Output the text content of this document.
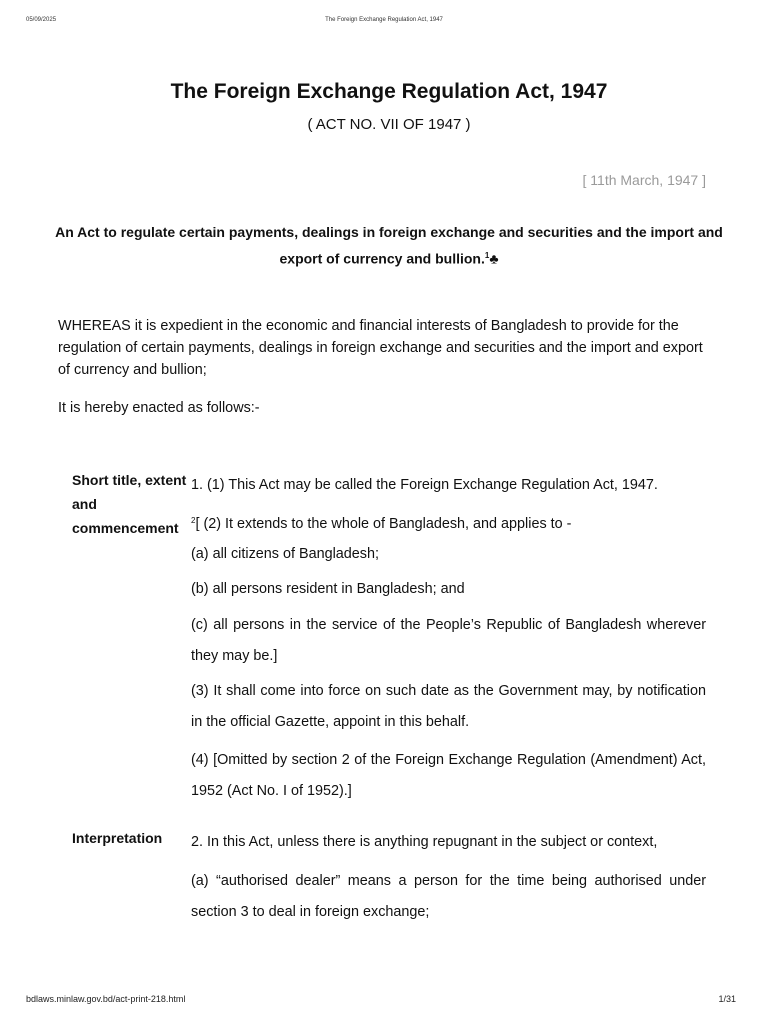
05/09/2025	The Foreign Exchange Regulation Act, 1947
The Foreign Exchange Regulation Act, 1947
( ACT NO. VII OF 1947 )
[ 11th March, 1947 ]
An Act to regulate certain payments, dealings in foreign exchange and securities and the import and export of currency and bullion.$^1$♣
WHEREAS it is expedient in the economic and financial interests of Bangladesh to provide for the regulation of certain payments, dealings in foreign exchange and securities and the import and export of currency and bullion;
It is hereby enacted as follows:-
Short title, extent and commencement
1. (1) This Act may be called the Foreign Exchange Regulation Act, 1947.
$^2$[ (2) It extends to the whole of Bangladesh, and applies to -
(a) all citizens of Bangladesh;
(b) all persons resident in Bangladesh; and
(c) all persons in the service of the People’s Republic of Bangladesh wherever they may be.]
(3) It shall come into force on such date as the Government may, by notification in the official Gazette, appoint in this behalf.
(4) [Omitted by section 2 of the Foreign Exchange Regulation (Amendment) Act, 1952 (Act No. I of 1952).]
Interpretation	2. In this Act, unless there is anything repugnant in the subject or context,
(a) “authorised dealer” means a person for the time being authorised under section 3 to deal in foreign exchange;
bdlaws.minlaw.gov.bd/act-print-218.html	1/31
